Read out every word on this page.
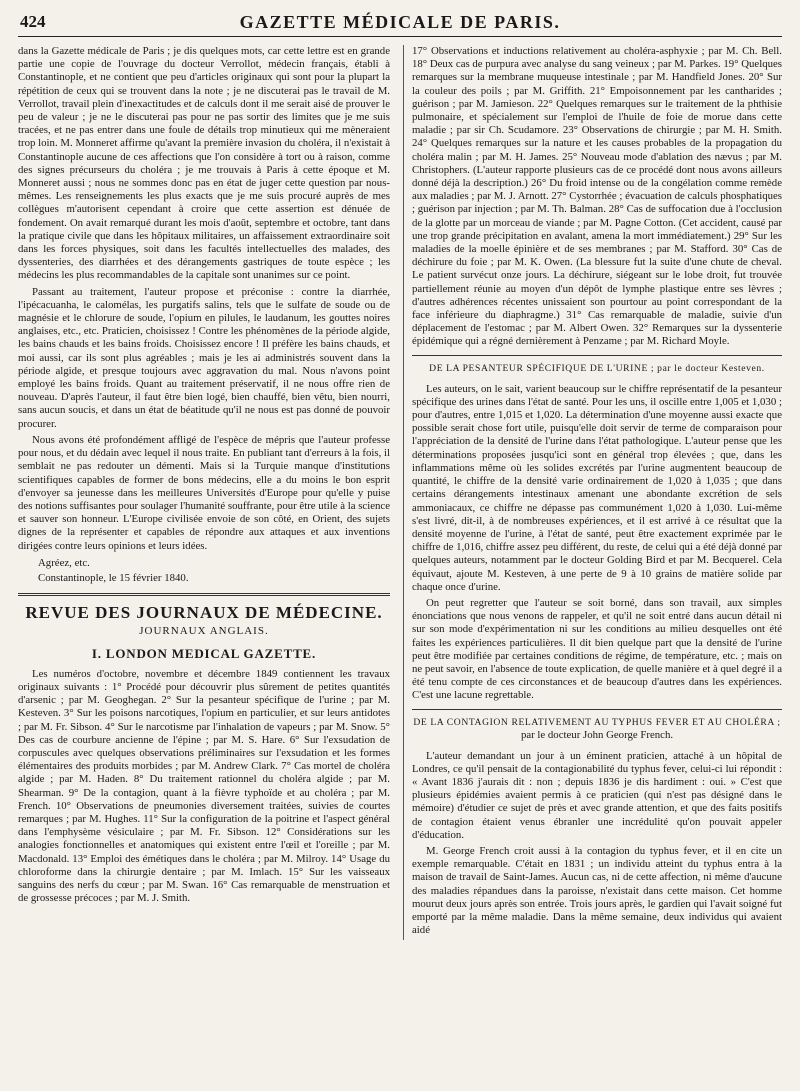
424	GAZETTE MÉDICALE DE PARIS.

dans la Gazette médicale de Paris ; je dis quelques mots, car cette lettre est en grande partie une copie de l'ouvrage du docteur Verrollot, médecin français, établi à Constantinople, et ne contient que peu d'articles originaux qui sont pour la plupart la répétition de ceux qui se trouvent dans la note ; je ne discuterai pas le travail de M. Verrollot, travail plein d'inexactitudes et de calculs dont il me serait aisé de prouver le peu de valeur ; je ne le discuterai pas pour ne pas sortir des limites que je me suis tracées, et ne pas entrer dans une foule de détails trop minutieux qui me mèneraient trop loin. M. Monneret affirme qu'avant la première invasion du choléra, il n'existait à Constantinople aucune de ces affections que l'on considère à tort ou à raison, comme des signes précurseurs du choléra ; je me trouvais à Paris à cette époque et M. Monneret aussi ; nous ne sommes donc pas en état de juger cette question par nous-mêmes. Les renseignements les plus exacts que je me suis procuré auprès de mes collègues m'autorisent cependant à croire que cette assertion est dénuée de fondement. On avait remarqué durant les mois d'août, septembre et octobre, tant dans la pratique civile que dans les hôpitaux militaires, un affaissement extraordinaire soit dans les forces physiques, soit dans les facultés intellectuelles des malades, des dyssenteries, des diarrhées et des dérangements gastriques de toute espèce ; les médecins les plus recommandables de la capitale sont unanimes sur ce point.

Passant au traitement, l'auteur propose et préconise : contre la diarrhée, l'ipécacuanha, le calomélas, les purgatifs salins, tels que le sulfate de soude ou de magnésie et le chlorure de soude, l'opium en pilules, le laudanum, les gouttes noires anglaises, etc., etc. Praticien, choisissez ! Contre les phénomènes de la période algide, les bains chauds et les bains froids. Choisissez encore ! Il préfère les bains chauds, et moi aussi, car ils sont plus agréables ; mais je les ai administrés souvent dans la période algide, et presque toujours avec aggravation du mal. Nous n'avons point employé les bains froids. Quant au traitement préservatif, il ne nous offre rien de nouveau. D'après l'auteur, il faut être bien logé, bien chauffé, bien vêtu, bien nourri, sans aucun soucis, et dans un état de béatitude qu'il ne nous est pas donné de pouvoir procurer.

Nous avons été profondément affligé de l'espèce de mépris que l'auteur professe pour nous, et du dédain avec lequel il nous traite. En publiant tant d'erreurs à la fois, il semblait ne pas redouter un démenti. Mais si la Turquie manque d'institutions scientifiques capables de former de bons médecins, elle a du moins le bon esprit d'envoyer sa jeunesse dans les meilleures Universités d'Europe pour qu'elle y puise des notions suffisantes pour soulager l'humanité souffrante, pour être utile à la science et sauver son honneur. L'Europe civilisée envoie de son côté, en Orient, des sujets dignes de la représenter et capables de répondre aux attaques et aux inventions dirigées contre leurs opinions et leurs idées.

Agréez, etc.
Constantinople, le 15 février 1840.
REVUE DES JOURNAUX DE MÉDECINE.
JOURNAUX ANGLAIS.
I. LONDON MEDICAL GAZETTE.

Les numéros d'octobre, novembre et décembre 1849 contiennent les travaux originaux suivants : 1° Procédé pour découvrir plus sûrement de petites quantités d'arsenic ; par M. Geoghegan. 2° Sur la pesanteur spécifique de l'urine ; par M. Kesteven. 3° Sur les poisons narcotiques, l'opium en particulier, et sur leurs antidotes ; par M. Fr. Sibson. 4° Sur le narcotisme par l'inhalation de vapeurs ; par M. Snow. 5° Des cas de courbure ancienne de l'épine ; par M. S. Hare. 6° Sur l'exsudation de corpuscules avec quelques observations préliminaires sur l'exsudation et les formes élémentaires des produits morbides ; par M. Andrew Clark. 7° Cas mortel de choléra algide ; par M. Haden. 8° Du traitement rationnel du choléra algide ; par M. Shearman. 9° De la contagion, quant à la fièvre typhoïde et au choléra ; par M. French. 10° Observations de pneumonies diversement traitées, suivies de courtes remarques ; par M. Hughes. 11° Sur la configuration de la poitrine et l'aspect général dans l'emphysème vésiculaire ; par M. Fr. Sibson. 12° Considérations sur les analogies fonctionnelles et anatomiques qui existent entre l'œil et l'oreille ; par M. Macdonald. 13° Emploi des émétiques dans le choléra ; par M. Milroy. 14° Usage du chloroforme dans la chirurgie dentaire ; par M. Imlach. 15° Sur les vaisseaux sanguins des nerfs du cœur ; par M. Swan. 16° Cas remarquable de menstruation et de grossesse précoces ; par M. J. Smith.

17° Observations et inductions relativement au choléra-asphyxie ; par M. Ch. Bell. 18° Deux cas de purpura avec analyse du sang veineux ; par M. Parkes. 19° Quelques remarques sur la membrane muqueuse intestinale ; par M. Handfield Jones. 20° Sur la couleur des poils ; par M. Griffith. 21° Empoisonnement par les cantharides ; guérison ; par M. Jamieson. 22° Quelques remarques sur le traitement de la phthisie pulmonaire, et spécialement sur l'emploi de l'huile de foie de morue dans cette maladie ; par sir Ch. Scudamore. 23° Observations de chirurgie ; par M. H. Smith. 24° Quelques remarques sur la nature et les causes probables de la propagation du choléra malin ; par M. H. James. 25° Nouveau mode d'ablation des nævus ; par M. Christophers. (L'auteur rapporte plusieurs cas de ce procédé dont nous avons ailleurs donné déjà la description.) 26° Du froid intense ou de la congélation comme remède aux maladies ; par M. J. Arnott. 27° Cystorrhée ; évacuation de calculs phosphatiques ; guérison par injection ; par M. Th. Balman. 28° Cas de suffocation due à l'occlusion de la glotte par un morceau de viande ; par M. Pagne Cotton. (Cet accident, causé par une trop grande précipitation en avalant, amena la mort immédiatement.) 29° Sur les maladies de la moelle épinière et de ses membranes ; par M. Stafford. 30° Cas de déchirure du foie ; par M. K. Owen. (La blessure fut la suite d'une chute de cheval. Le patient survécut onze jours. La déchirure, siégeant sur le lobe droit, fut trouvée partiellement réunie au moyen d'un dépôt de lymphe plastique entre ses lèvres ; d'autres adhérences récentes unissaient son pourtour au point correspondant de la face inférieure du diaphragme.) 31° Cas remarquable de maladie, suivie d'un déplacement de l'estomac ; par M. Albert Owen. 32° Remarques sur la dyssenterie épidémique qui a régné dernièrement à Penzame ; par M. Richard Moyle.

DE LA PESANTEUR SPÉCIFIQUE DE L'URINE ; par le docteur Kesteven.

Les auteurs, on le sait, varient beaucoup sur le chiffre représentatif de la pesanteur spécifique des urines dans l'état de santé. Pour les uns, il oscille entre 1,005 et 1,030 ; pour d'autres, entre 1,015 et 1,020. La détermination d'une moyenne aussi exacte que possible serait chose fort utile, puisqu'elle doit servir de terme de comparaison pour l'appréciation de la densité de l'urine dans l'état pathologique. L'auteur pense que les déterminations proposées jusqu'ici sont en général trop élevées ; que, dans les inflammations même où les solides excrétés par l'urine augmentent beaucoup de quantité, le chiffre de la densité varie ordinairement de 1,020 à 1,035 ; que dans certains dérangements intestinaux amenant une abondante excrétion de sels ammoniacaux, ce chiffre ne dépasse pas communément 1,020 à 1,030. Lui-même s'est livré, dit-il, à de nombreuses expériences, et il est arrivé à ce résultat que la densité moyenne de l'urine, à l'état de santé, peut être exactement exprimée par le chiffre de 1,016, chiffre assez peu différent, du reste, de celui qui a été déjà donné par quelques auteurs, notamment par le docteur Golding Bird et par M. Becquerel. Cela équivaut, ajoute M. Kesteven, à une perte de 9 à 10 grains de matière solide par chaque once d'urine.

On peut regretter que l'auteur se soit borné, dans son travail, aux simples énonciations que nous venons de rappeler, et qu'il ne soit entré dans aucun détail ni sur son mode d'expérimentation ni sur les conditions au milieu desquelles ont été faites les expériences particulières. Il dit bien quelque part que la densité de l'urine peut être modifiée par certaines conditions de régime, de température, etc. ; mais on ne peut savoir, en l'absence de toute explication, de quelle manière et à quel degré il a été tenu compte de ces circonstances et de beaucoup d'autres dans les expériences. C'est une lacune regrettable.

DE LA CONTAGION RELATIVEMENT AU TYPHUS FEVER ET AU CHOLÉRA ;
par le docteur John George French.

L'auteur demandant un jour à un éminent praticien, attaché à un hôpital de Londres, ce qu'il pensait de la contagionabilité du typhus fever, celui-ci lui répondit : « Avant 1836 j'aurais dit : non ; depuis 1836 je dis hardiment : oui. » C'est que plusieurs épidémies avaient permis à ce praticien (qui n'est pas désigné dans le mémoire) d'étudier ce sujet de près et avec grande attention, et que des faits positifs de contagion étaient venus ébranler une incrédulité qu'on pouvait appeler d'éducation.

M. George French croit aussi à la contagion du typhus fever, et il en cite un exemple remarquable. C'était en 1831 ; un individu atteint du typhus entra à la maison de travail de Saint-James. Aucun cas, ni de cette affection, ni même d'aucune des maladies répandues dans la paroisse, n'existait dans cette maison. Cet homme mourut deux jours après son entrée. Trois jours après, le gardien qui l'avait soigné fut emporté par la même maladie. Dans la même semaine, deux individus qui avaient aidé
